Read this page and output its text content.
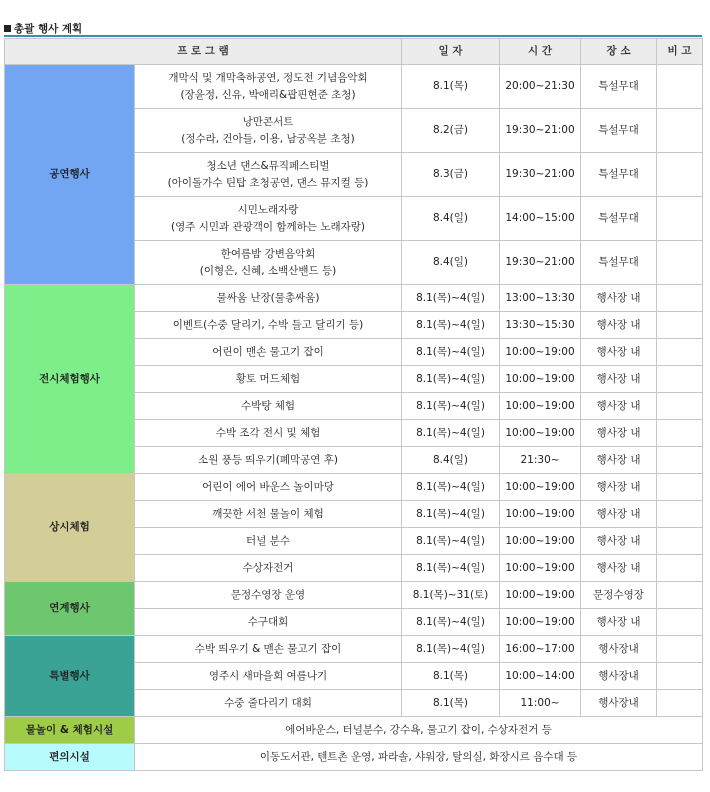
총괄 행사 계획
프 로 그 램		일 자	시 간	장 소	비 고
공연행사	개막식 및 개막축하공연, 정도전 기념음악회
(장윤정, 신유, 박애리&팝핀현준 초청)	8.1(목)	20:00~21:30	특설무대	
	낭만콘서트
(정수라, 건아들, 이용, 남궁옥분 초청)	8.2(금)	19:30~21:00	특설무대	
	청소년 댄스&뮤직페스티벌
(아이돌가수 틴탑 초청공연, 댄스 뮤지컬 등)	8.3(금)	19:30~21:00	특설무대	
	시민노래자랑
(영주 시민과 관광객이 함께하는 노래자랑)	8.4(일)	14:00~15:00	특설무대	
	한여름밤 강변음악회
(이형은, 신혜, 소백산밴드 등)	8.4(일)	19:30~21:00	특설무대	
전시체험행사	물싸움 난장(물총싸움)	8.1(목)~4(일)	13:00~13:30	행사장 내	
	이벤트(수중 달리기, 수박 들고 달리기 등)	8.1(목)~4(일)	13:30~15:30	행사장 내	
	어린이 맨손 물고기 잡이	8.1(목)~4(일)	10:00~19:00	행사장 내	
	황토 머드체험	8.1(목)~4(일)	10:00~19:00	행사장 내	
	수박탕 체험	8.1(목)~4(일)	10:00~19:00	행사장 내	
	수박 조각 전시 및 체험	8.1(목)~4(일)	10:00~19:00	행사장 내	
	소원 풍등 띄우기(폐막공연 후)	8.4(일)	21:30~	행사장 내	
상시체험	어린이 에어 바운스 놀이마당	8.1(목)~4(일)	10:00~19:00	행사장 내	
	깨끗한 서천 물놀이 체험	8.1(목)~4(일)	10:00~19:00	행사장 내	
	터널 분수	8.1(목)~4(일)	10:00~19:00	행사장 내	
	수상자전거	8.1(목)~4(일)	10:00~19:00	행사장 내	
연계행사	문정수영장 운영	8.1(목)~31(토)	10:00~19:00	문정수영장	
	수구대회	8.1(목)~4(일)	10:00~19:00	행사장 내	
특별행사	수박 띄우기 & 맨손 물고기 잡이	8.1(목)~4(일)	16:00~17:00	행사장내	
	영주시 새마을회 여름나기	8.1(목)	10:00~14:00	행사장내	
	수중 줄다리기 대회	8.1(목)	11:00~	행사장내	
물놀이 & 체험시설	에어바운스, 터널분수, 강수욕, 물고기 잡이, 수상자전거 등				
편의시설	이동도서관, 텐트촌 운영, 파라솔, 샤워장, 탈의실, 화장시르 음수대 등				
